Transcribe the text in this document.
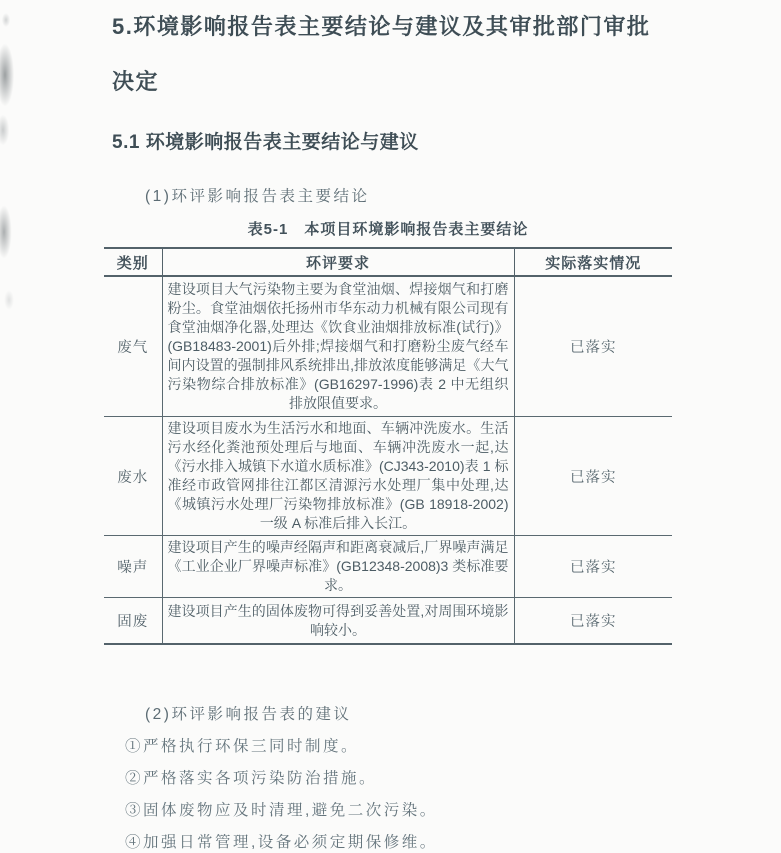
5.环境影响报告表主要结论与建议及其审批部门审批
决定
5.1 环境影响报告表主要结论与建议
(1)环评影响报告表主要结论
表5-1　本项目环境影响报告表主要结论
类别	环评要求	实际落实情况
废气	建设项目大气污染物主要为食堂油烟、焊接烟气和打磨粉尘。食堂油烟依托扬州市华东动力机械有限公司现有食堂油烟净化器,处理达《饮食业油烟排放标准(试行)》(GB18483-2001)后外排;焊接烟气和打磨粉尘废气经车间内设置的强制排风系统排出,排放浓度能够满足《大气污染物综合排放标准》(GB16297-1996)表 2 中无组织排放限值要求。	已落实
废水	建设项目废水为生活污水和地面、车辆冲洗废水。生活污水经化粪池预处理后与地面、车辆冲洗废水一起,达《污水排入城镇下水道水质标准》(CJ343-2010)表 1 标准经市政管网排往江都区清源污水处理厂集中处理,达《城镇污水处理厂污染物排放标准》(GB 18918-2002)一级 A 标准后排入长江。	已落实
噪声	建设项目产生的噪声经隔声和距离衰减后,厂界噪声满足《工业企业厂界噪声标准》(GB12348-2008)3 类标准要求。	已落实
固废	建设项目产生的固体废物可得到妥善处置,对周围环境影响较小。	已落实
(2)环评影响报告表的建议
①严格执行环保三同时制度。
②严格落实各项污染防治措施。
③固体废物应及时清理,避免二次污染。
④加强日常管理,设备必须定期保修维。
